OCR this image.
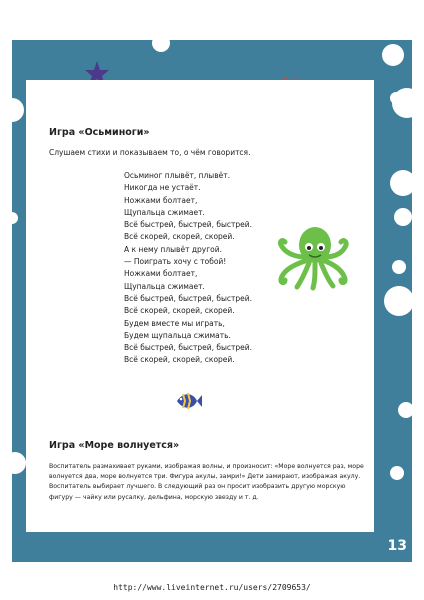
Игра «Осьминоги»
Слушаем стихи и показываем то, о чём говорится.
Осьминог плывёт, плывёт.
Никогда не устаёт.
Ножками болтает,
Щупальца сжимает.
Всё быстрей, быстрей, быстрей.
Всё скорей, скорей, скорей.
А к нему плывёт другой.
— Поиграть хочу с тобой!
Ножками болтает,
Щупальца сжимает.
Всё быстрей, быстрей, быстрей.
Всё скорей, скорей, скорей.
Будем вместе мы играть,
Будем щупальца сжимать.
Всё быстрей, быстрей, быстрей.
Всё скорей, скорей, скорей.
Игра «Море волнуется»
Воспитатель размахивает руками, изображая волны, и произносит: «Море волнуется раз, море волнуется два, море волнуется три. Фигура акулы, замри!» Дети замирают, изображая акулу. Воспитатель выбирает лучшего. В следующий раз он просит изобразить другую морскую фигуру — чайку или русалку, дельфина, морскую звезду и т. д.
13
http://www.liveinternet.ru/users/2709653/
